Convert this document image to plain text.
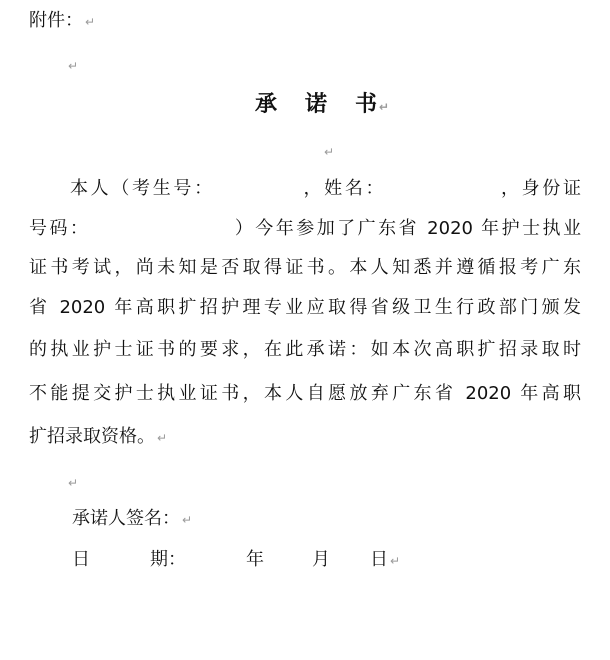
附件： ↵
↵
承 诺 书 ↵
↵
本人（考生号：	，姓名：	，身份证
号码：	）今年参加了广东省 2020 年护士执业
证书考试，尚未知是否取得证书。本人知悉并遵循报考广东
省 2020 年高职扩招护理专业应取得省级卫生行政部门颁发
的执业护士证书的要求，在此承诺：如本次高职扩招录取时
不能提交护士执业证书，本人自愿放弃广东省 2020 年高职
扩招录取资格。 ↵
↵
承诺人签名： ↵
日	期：	年	月 日 ↵
